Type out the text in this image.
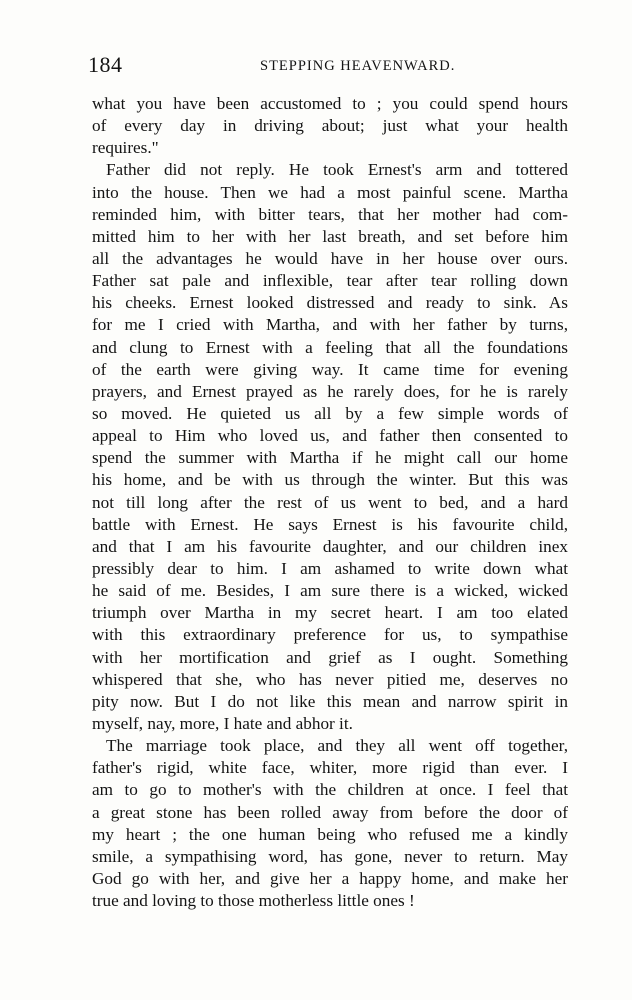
184	STEPPING HEAVENWARD.
what you have been accustomed to ; you could spend hours
of every day in driving about; just what your health
requires."
Father did not reply. He took Ernest's arm and tottered
into the house. Then we had a most painful scene. Martha
reminded him, with bitter tears, that her mother had com-
mitted him to her with her last breath, and set before him
all the advantages he would have in her house over ours.
Father sat pale and inflexible, tear after tear rolling down
his cheeks. Ernest looked distressed and ready to sink. As
for me I cried with Martha, and with her father by turns,
and clung to Ernest with a feeling that all the foundations
of the earth were giving way. It came time for evening
prayers, and Ernest prayed as he rarely does, for he is rarely
so moved. He quieted us all by a few simple words of
appeal to Him who loved us, and father then consented to
spend the summer with Martha if he might call our home
his home, and be with us through the winter. But this was
not till long after the rest of us went to bed, and a hard
battle with Ernest. He says Ernest is his favourite child,
and that I am his favourite daughter, and our children inex
pressibly dear to him. I am ashamed to write down what
he said of me. Besides, I am sure there is a wicked, wicked
triumph over Martha in my secret heart. I am too elated
with this extraordinary preference for us, to sympathise
with her mortification and grief as I ought. Something
whispered that she, who has never pitied me, deserves no
pity now. But I do not like this mean and narrow spirit in
myself, nay, more, I hate and abhor it.
The marriage took place, and they all went off together,
father's rigid, white face, whiter, more rigid than ever. I
am to go to mother's with the children at once. I feel that
a great stone has been rolled away from before the door of
my heart ; the one human being who refused me a kindly
smile, a sympathising word, has gone, never to return. May
God go with her, and give her a happy home, and make her
true and loving to those motherless little ones !
